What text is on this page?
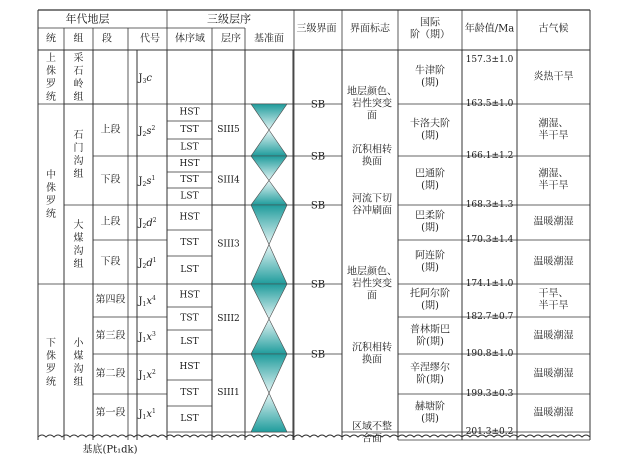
年代地层	三级层序
三级界面 界面标志
国际
阶（期）
年龄值/Ma 古气候
统 组 段	代号 体序域 层序 基准面
上侏罗统
中侏罗统
下侏罗统
采石岭组
石门沟组
大煤沟组
小煤沟组
上段
下段
上段
下段
第四段
第三段
第二段
第一段
$J_3c$
$J_2s^2$
$J_2s^1$
$J_2d^2$
$J_2d^1$
$J_1x^4$
$J_1x^3$
$J_1x^2$
$J_1x^1$
HST
TST
LST
HST
TST
LST
HST
TST
LST
HST
TST
LST
HST
TST
LST
SIII5
SIII4
SIII3
SIII2
SIII1
SB
SB
SB
SB
SB
地层颜色、
岩性突变
面
沉积相转
换面
河流下切
谷冲刷面
地层颜色、
岩性突变
面
沉积相转
换面
区域不整
合面
牛津阶
(期)
卡洛夫阶
(期)
巴通阶
(期)
巴柔阶
(期)
阿连阶
(期)
托阿尔阶
(期)
普林斯巴
阶(期)
辛涅缪尔
阶(期)
赫塘阶
(期)
157.3±1.0
163.5±1.0
166.1±1.2
168.3±1.3
170.3±1.4
174.1±1.0
182.7±0.7
190.8±1.0
199.3±0.3
201.3±0.2
炎热干旱
潮湿、
半干旱
潮湿、
半干旱
温暖潮湿
温暖潮湿
干旱、
半干旱
温暖潮湿
温暖潮湿
温暖潮湿
基底(Pt₁dk)
